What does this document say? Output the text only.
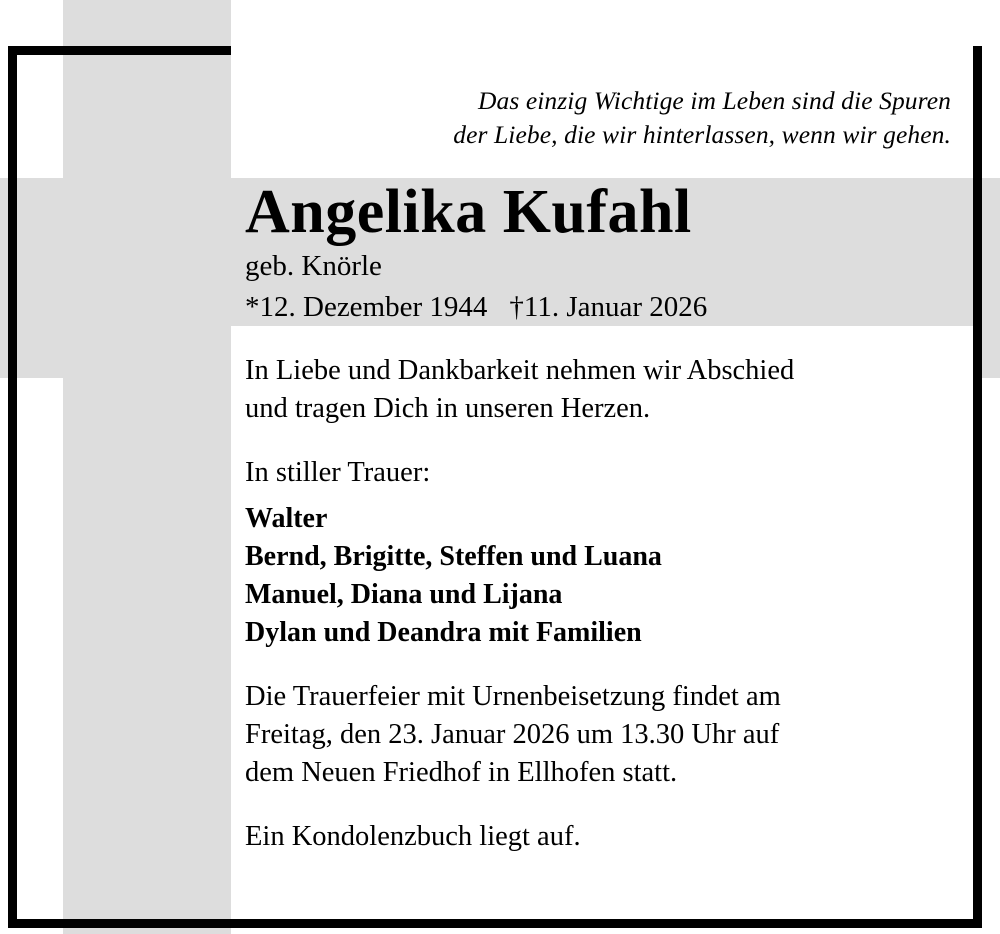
Das einzig Wichtige im Leben sind die Spuren
der Liebe, die wir hinterlassen, wenn wir gehen.
Angelika Kufahl
geb. Knörle
*12. Dezember 1944 †11. Januar 2026
In Liebe und Dankbarkeit nehmen wir Abschied
und tragen Dich in unseren Herzen.
In stiller Trauer:
Walter
Bernd, Brigitte, Steffen und Luana
Manuel, Diana und Lijana
Dylan und Deandra mit Familien
Die Trauerfeier mit Urnenbeisetzung findet am
Freitag, den 23. Januar 2026 um 13.30 Uhr auf
dem Neuen Friedhof in Ellhofen statt.
Ein Kondolenzbuch liegt auf.
